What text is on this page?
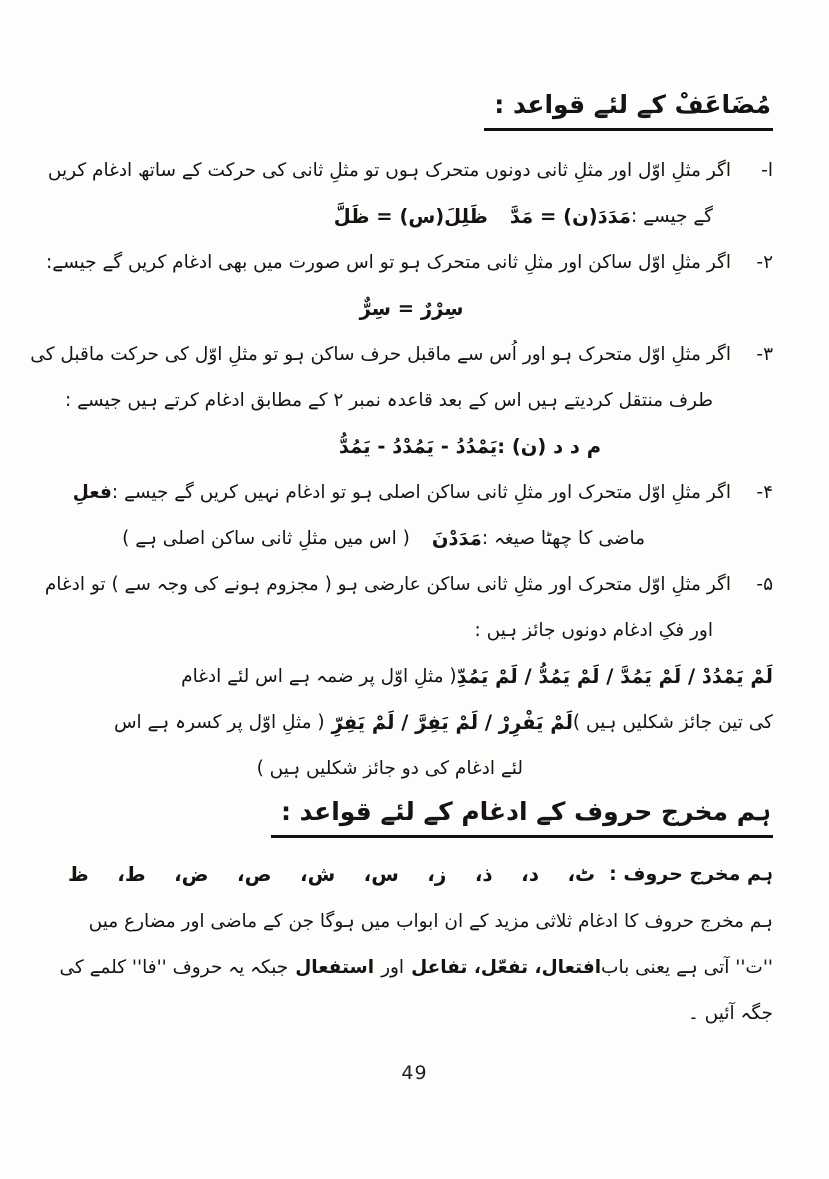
مُضَاعَفْ کے لئے قواعد :
ا-
اگر مثلِ اوّل اور مثلِ ثانی دونوں متحرک ہوں تو مثلِ ثانی کی حرکت کے ساتھ ادغام کریں
گے جیسے :
مَدَدَ(ن) = مَدَّ
ظَلِلَ(س) = ظَلَّ
۲-
اگر مثلِ اوّل ساکن اور مثلِ ثانی متحرک ہو تو اس صورت میں بھی ادغام کریں گے جیسے:
سِرْرٌ = سِرٌّ
۳-
اگر مثلِ اوّل متحرک ہو اور اُس سے ماقبل حرف ساکن ہو تو مثلِ اوّل کی حرکت ماقبل کی
طرف منتقل کردیتے ہیں اس کے بعد قاعدہ نمبر ۲ کے مطابق ادغام کرتے ہیں جیسے :
م د د (ن) :
يَمْدُدُ - يَمُدْدُ - يَمُدُّ
۴-
اگر مثلِ اوّل متحرک اور مثلِ ثانی ساکن اصلی ہو تو ادغام نہیں کریں گے جیسے :
فعلِ
ماضی کا چھٹا صیغہ :
مَدَدْنَ
( اس میں مثلِ ثانی ساکن اصلی ہے )
۵-
اگر مثلِ اوّل متحرک اور مثلِ ثانی ساکن عارضی ہو ( مجزوم ہونے کی وجہ سے ) تو ادغام
اور فکِ ادغام دونوں جائز ہیں :
لَمْ يَمْدُدْ / لَمْ يَمُدَّ / لَمْ يَمُدُّ / لَمْ يَمُدِّ
( مثلِ اوّل پر ضمہ ہے اس لئے ادغام
کی تین جائز شکلیں ہیں )
لَمْ يَفْرِرْ / لَمْ يَفِرَّ / لَمْ يَفِرِّ
( مثلِ اوّل پر کسرہ ہے اس
لئے ادغام کی دو جائز شکلیں ہیں )
ہم مخرج حروف کے ادغام کے لئے قواعد :
ہم مخرج حروف :
ٹ،
د،
ذ،
ز،
س،
ش،
ص،
ض،
ط،
ظ
ہم مخرج حروف کا ادغام ثلاثی مزید کے ان ابواب میں ہوگا جن کے ماضی اور مضارع میں
''ت'' آتی ہے یعنی باب
افتعال، تفعّل، تفاعل
اور
استفعال
جبکہ یہ حروف ''فا'' کلمے کی
جگہ آئیں ۔
49
